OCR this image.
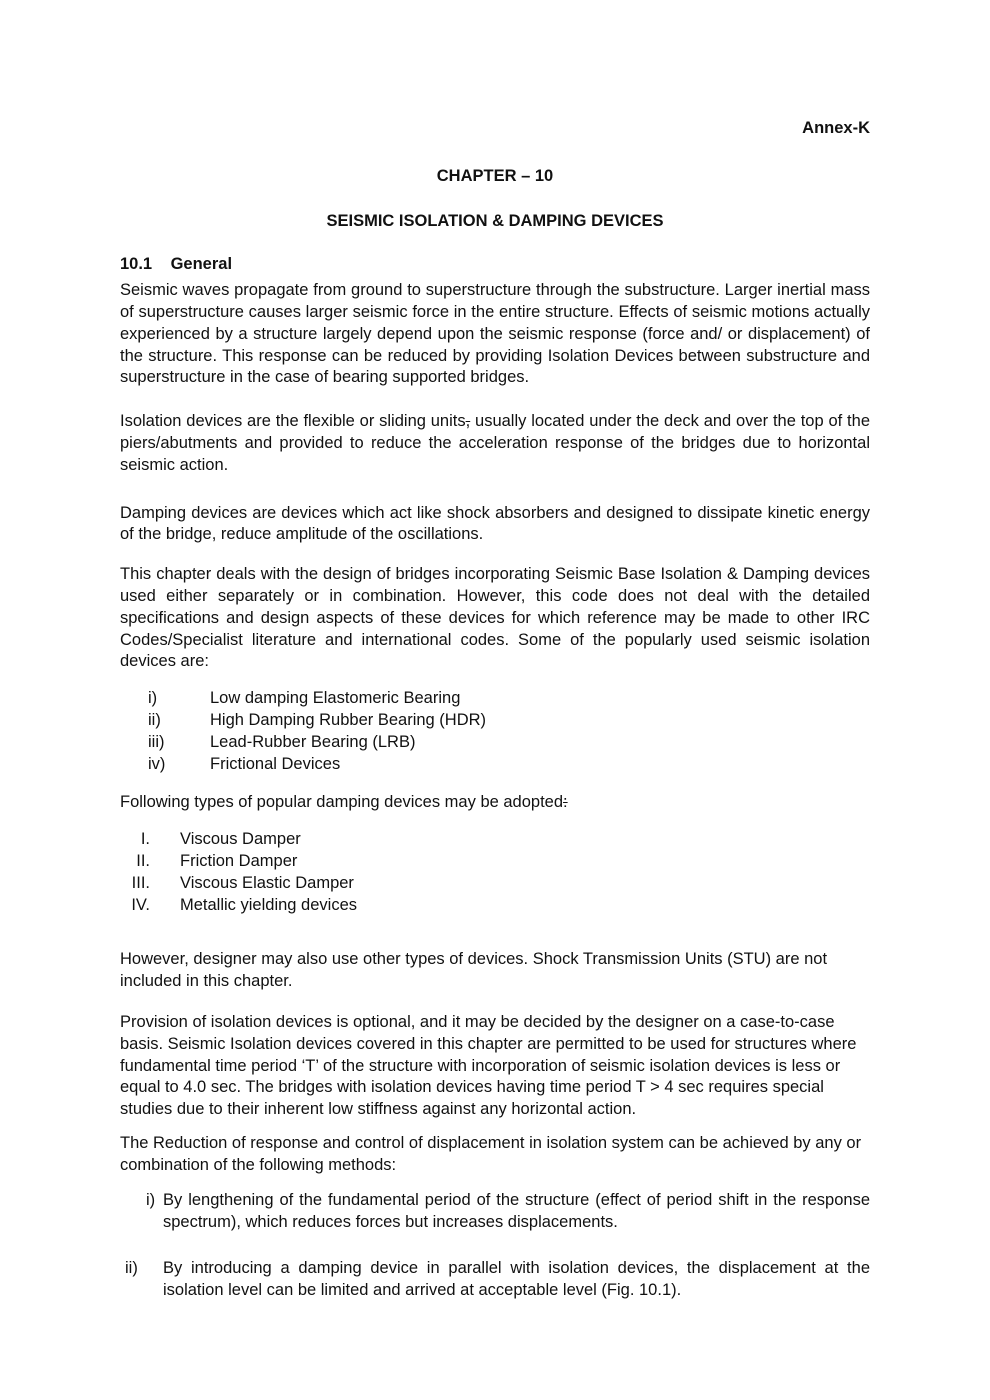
Annex-K
CHAPTER – 10
SEISMIC ISOLATION & DAMPING DEVICES
10.1 General

Seismic waves propagate from ground to superstructure through the substructure. Larger inertial mass of superstructure causes larger seismic force in the entire structure. Effects of seismic motions actually experienced by a structure largely depend upon the seismic response (force and/ or displacement) of the structure. This response can be reduced by providing Isolation Devices between substructure and superstructure in the case of bearing supported bridges.

Isolation devices are the flexible or sliding units, usually located under the deck and over the top of the piers/abutments and provided to reduce the acceleration response of the bridges due to horizontal seismic action.

Damping devices are devices which act like shock absorbers and designed to dissipate kinetic energy of the bridge, reduce amplitude of the oscillations.

This chapter deals with the design of bridges incorporating Seismic Base Isolation & Damping devices used either separately or in combination. However, this code does not deal with the detailed specifications and design aspects of these devices for which reference may be made to other IRC Codes/Specialist literature and international codes. Some of the popularly used seismic isolation devices are:

i)	Low damping Elastomeric Bearing
ii)	High Damping Rubber Bearing (HDR)
iii)	Lead-Rubber Bearing (LRB)
iv)	Frictional Devices

Following types of popular damping devices may be adopted:

I. Viscous Damper
II. Friction Damper
III. Viscous Elastic Damper
IV. Metallic yielding devices

However, designer may also use other types of devices. Shock Transmission Units (STU) are not included in this chapter.

Provision of isolation devices is optional, and it may be decided by the designer on a case-to-case basis. Seismic Isolation devices covered in this chapter are permitted to be used for structures where fundamental time period ‘T’ of the structure with incorporation of seismic isolation devices is less or equal to 4.0 sec. The bridges with isolation devices having time period T > 4 sec requires special studies due to their inherent low stiffness against any horizontal action.

The Reduction of response and control of displacement in isolation system can be achieved by any or combination of the following methods:

i) By lengthening of the fundamental period of the structure (effect of period shift in the response spectrum), which reduces forces but increases displacements.
ii)	By introducing a damping device in parallel with isolation devices, the displacement at the isolation level can be limited and arrived at acceptable level (Fig. 10.1).
